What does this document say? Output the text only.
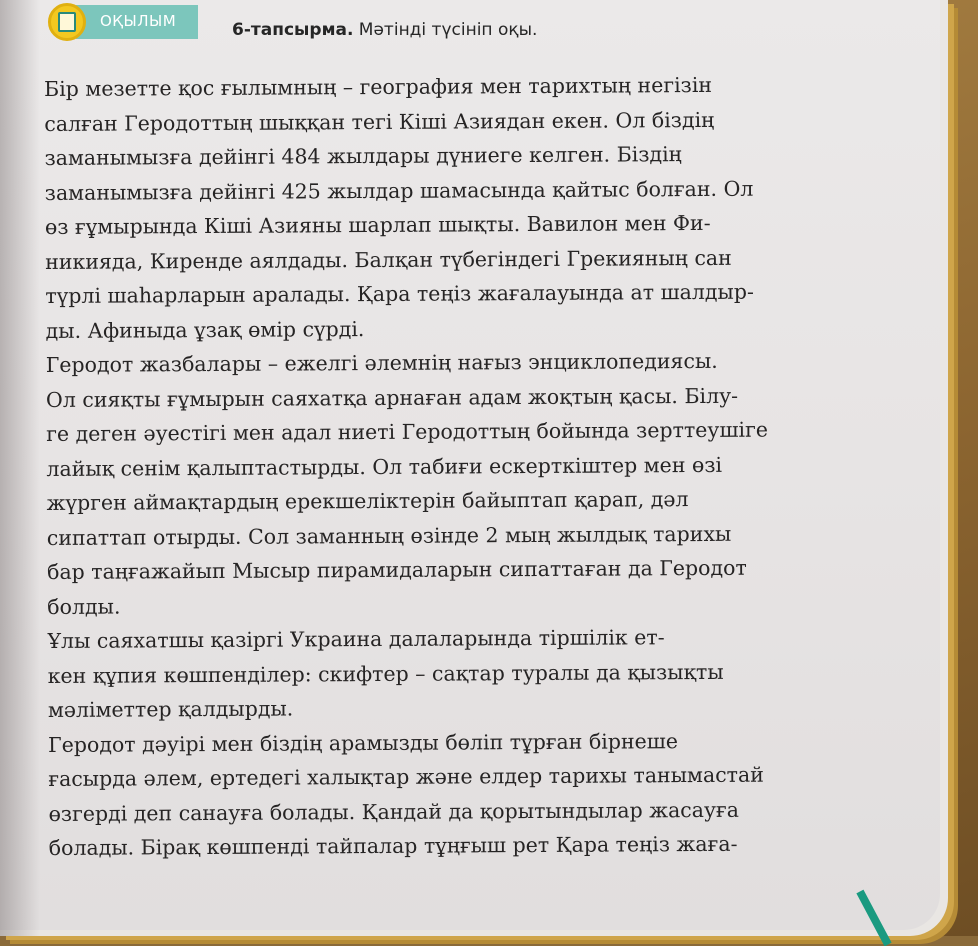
ОҚЫЛЫМ	6-тапсырма. Мәтінді түсініп оқы.
Бір мезетте қос ғылымның – география мен тарихтың негізін
салған Геродоттың шыққан тегі Кіші Азиядан екен. Ол біздің
заманымызға дейінгі 484 жылдары дүниеге келген. Біздің
заманымызға дейінгі 425 жылдар шамасында қайтыс болған. Ол
өз ғұмырында Кіші Азияны шарлап шықты. Вавилон мен Фи-
никияда, Киренде аялдады. Балқан түбегіндегі Грекияның сан
түрлі шаһарларын аралады. Қара теңіз жағалауында ат шалдыр-
ды. Афиныда ұзақ өмір сүрді.
Геродот жазбалары – ежелгі әлемнің нағыз энциклопедиясы.
Ол сияқты ғұмырын саяхатқа арнаған адам жоқтың қасы. Білу-
ге деген әуестігі мен адал ниеті Геродоттың бойында зерттеушіге
лайық сенім қалыптастырды. Ол табиғи ескерткіштер мен өзі
жүрген аймақтардың ерекшеліктерін байыптап қарап, дәл
сипаттап отырды. Сол заманның өзінде 2 мың жылдық тарихы
бар таңғажайып Мысыр пирамидаларын сипаттаған да Геродот
болды.
Ұлы саяхатшы қазіргі Украина далаларында тіршілік ет-
кен құпия көшпенділер: скифтер – сақтар туралы да қызықты
мәліметтер қалдырды.
Геродот дәуірі мен біздің арамызды бөліп тұрған бірнеше
ғасырда әлем, ертедегі халықтар және елдер тарихы танымастай
өзгерді деп санауға болады. Қандай да қорытындылар жасауға
болады. Бірақ көшпенді тайпалар тұңғыш рет Қара теңіз жаға-
